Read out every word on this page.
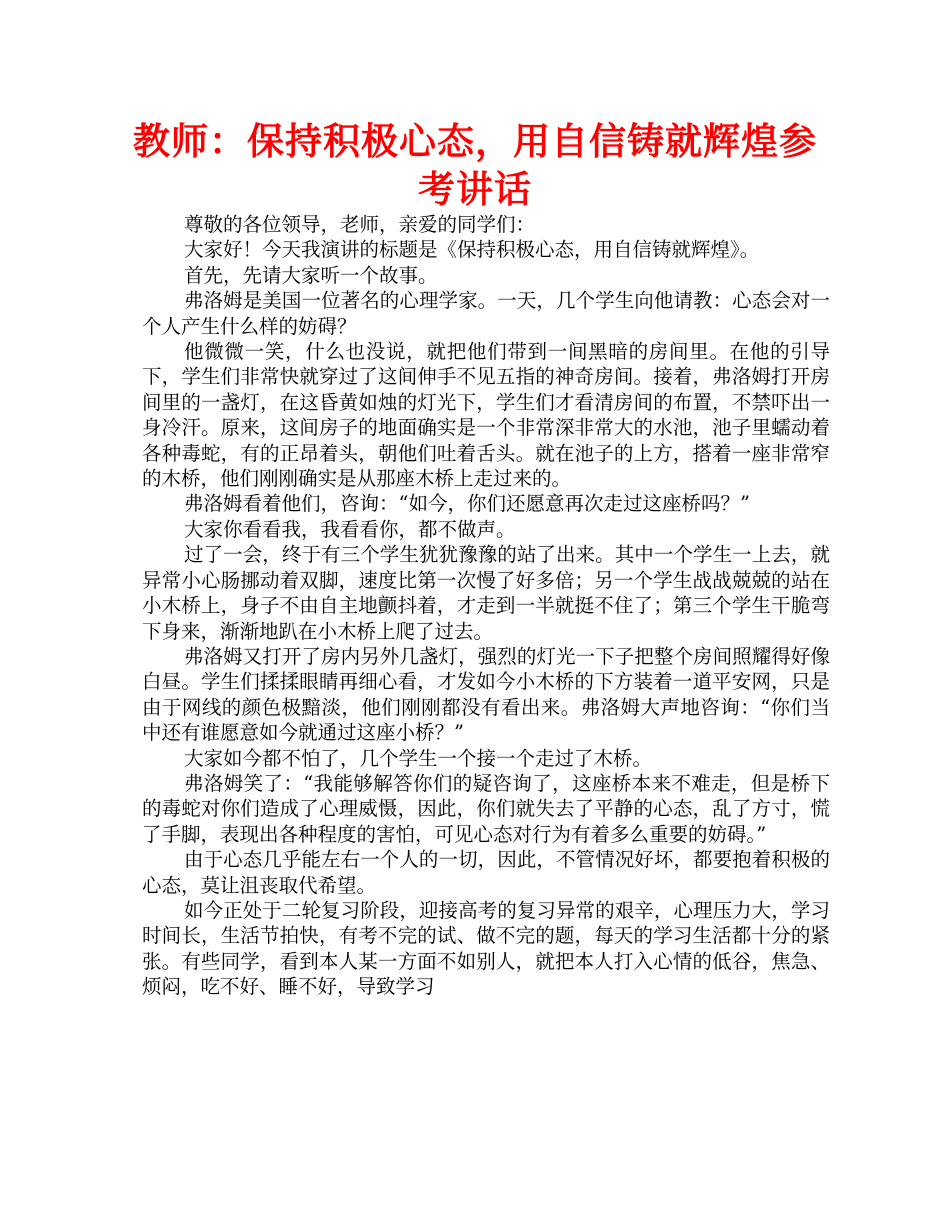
教师：保持积极心态，用自信铸就辉煌参考讲话

尊敬的各位领导，老师，亲爱的同学们：

大家好！今天我演讲的标题是《保持积极心态，用自信铸就辉煌》。

首先，先请大家听一个故事。

弗洛姆是美国一位著名的心理学家。一天，几个学生向他请教：心态会对一个人产生什么样的妨碍？

他微微一笑，什么也没说，就把他们带到一间黑暗的房间里。在他的引导下，学生们非常快就穿过了这间伸手不见五指的神奇房间。接着，弗洛姆打开房间里的一盏灯，在这昏黄如烛的灯光下，学生们才看清房间的布置，不禁吓出一身冷汗。原来，这间房子的地面确实是一个非常深非常大的水池，池子里蠕动着各种毒蛇，有的正昂着头，朝他们吐着舌头。就在池子的上方，搭着一座非常窄的木桥，他们刚刚确实是从那座木桥上走过来的。

弗洛姆看着他们，咨询：“如今，你们还愿意再次走过这座桥吗？”

大家你看看我，我看看你，都不做声。

过了一会，终于有三个学生犹犹豫豫的站了出来。其中一个学生一上去，就异常小心肠挪动着双脚，速度比第一次慢了好多倍；另一个学生战战兢兢的站在小木桥上，身子不由自主地颤抖着，才走到一半就挺不住了；第三个学生干脆弯下身来，渐渐地趴在小木桥上爬了过去。

弗洛姆又打开了房内另外几盏灯，强烈的灯光一下子把整个房间照耀得好像白昼。学生们揉揉眼睛再细心看，才发如今小木桥的下方装着一道平安网，只是由于网线的颜色极黯淡，他们刚刚都没有看出来。弗洛姆大声地咨询：“你们当中还有谁愿意如今就通过这座小桥？”

大家如今都不怕了，几个学生一个接一个走过了木桥。

弗洛姆笑了：“我能够解答你们的疑咨询了，这座桥本来不难走，但是桥下的毒蛇对你们造成了心理威慑，因此，你们就失去了平静的心态，乱了方寸，慌了手脚，表现出各种程度的害怕，可见心态对行为有着多么重要的妨碍。”

由于心态几乎能左右一个人的一切，因此，不管情况好坏，都要抱着积极的心态，莫让沮丧取代希望。

如今正处于二轮复习阶段，迎接高考的复习异常的艰辛，心理压力大，学习时间长，生活节拍快，有考不完的试、做不完的题，每天的学习生活都十分的紧张。有些同学，看到本人某一方面不如别人，就把本人打入心情的低谷，焦急、烦闷，吃不好、睡不好，导致学习
